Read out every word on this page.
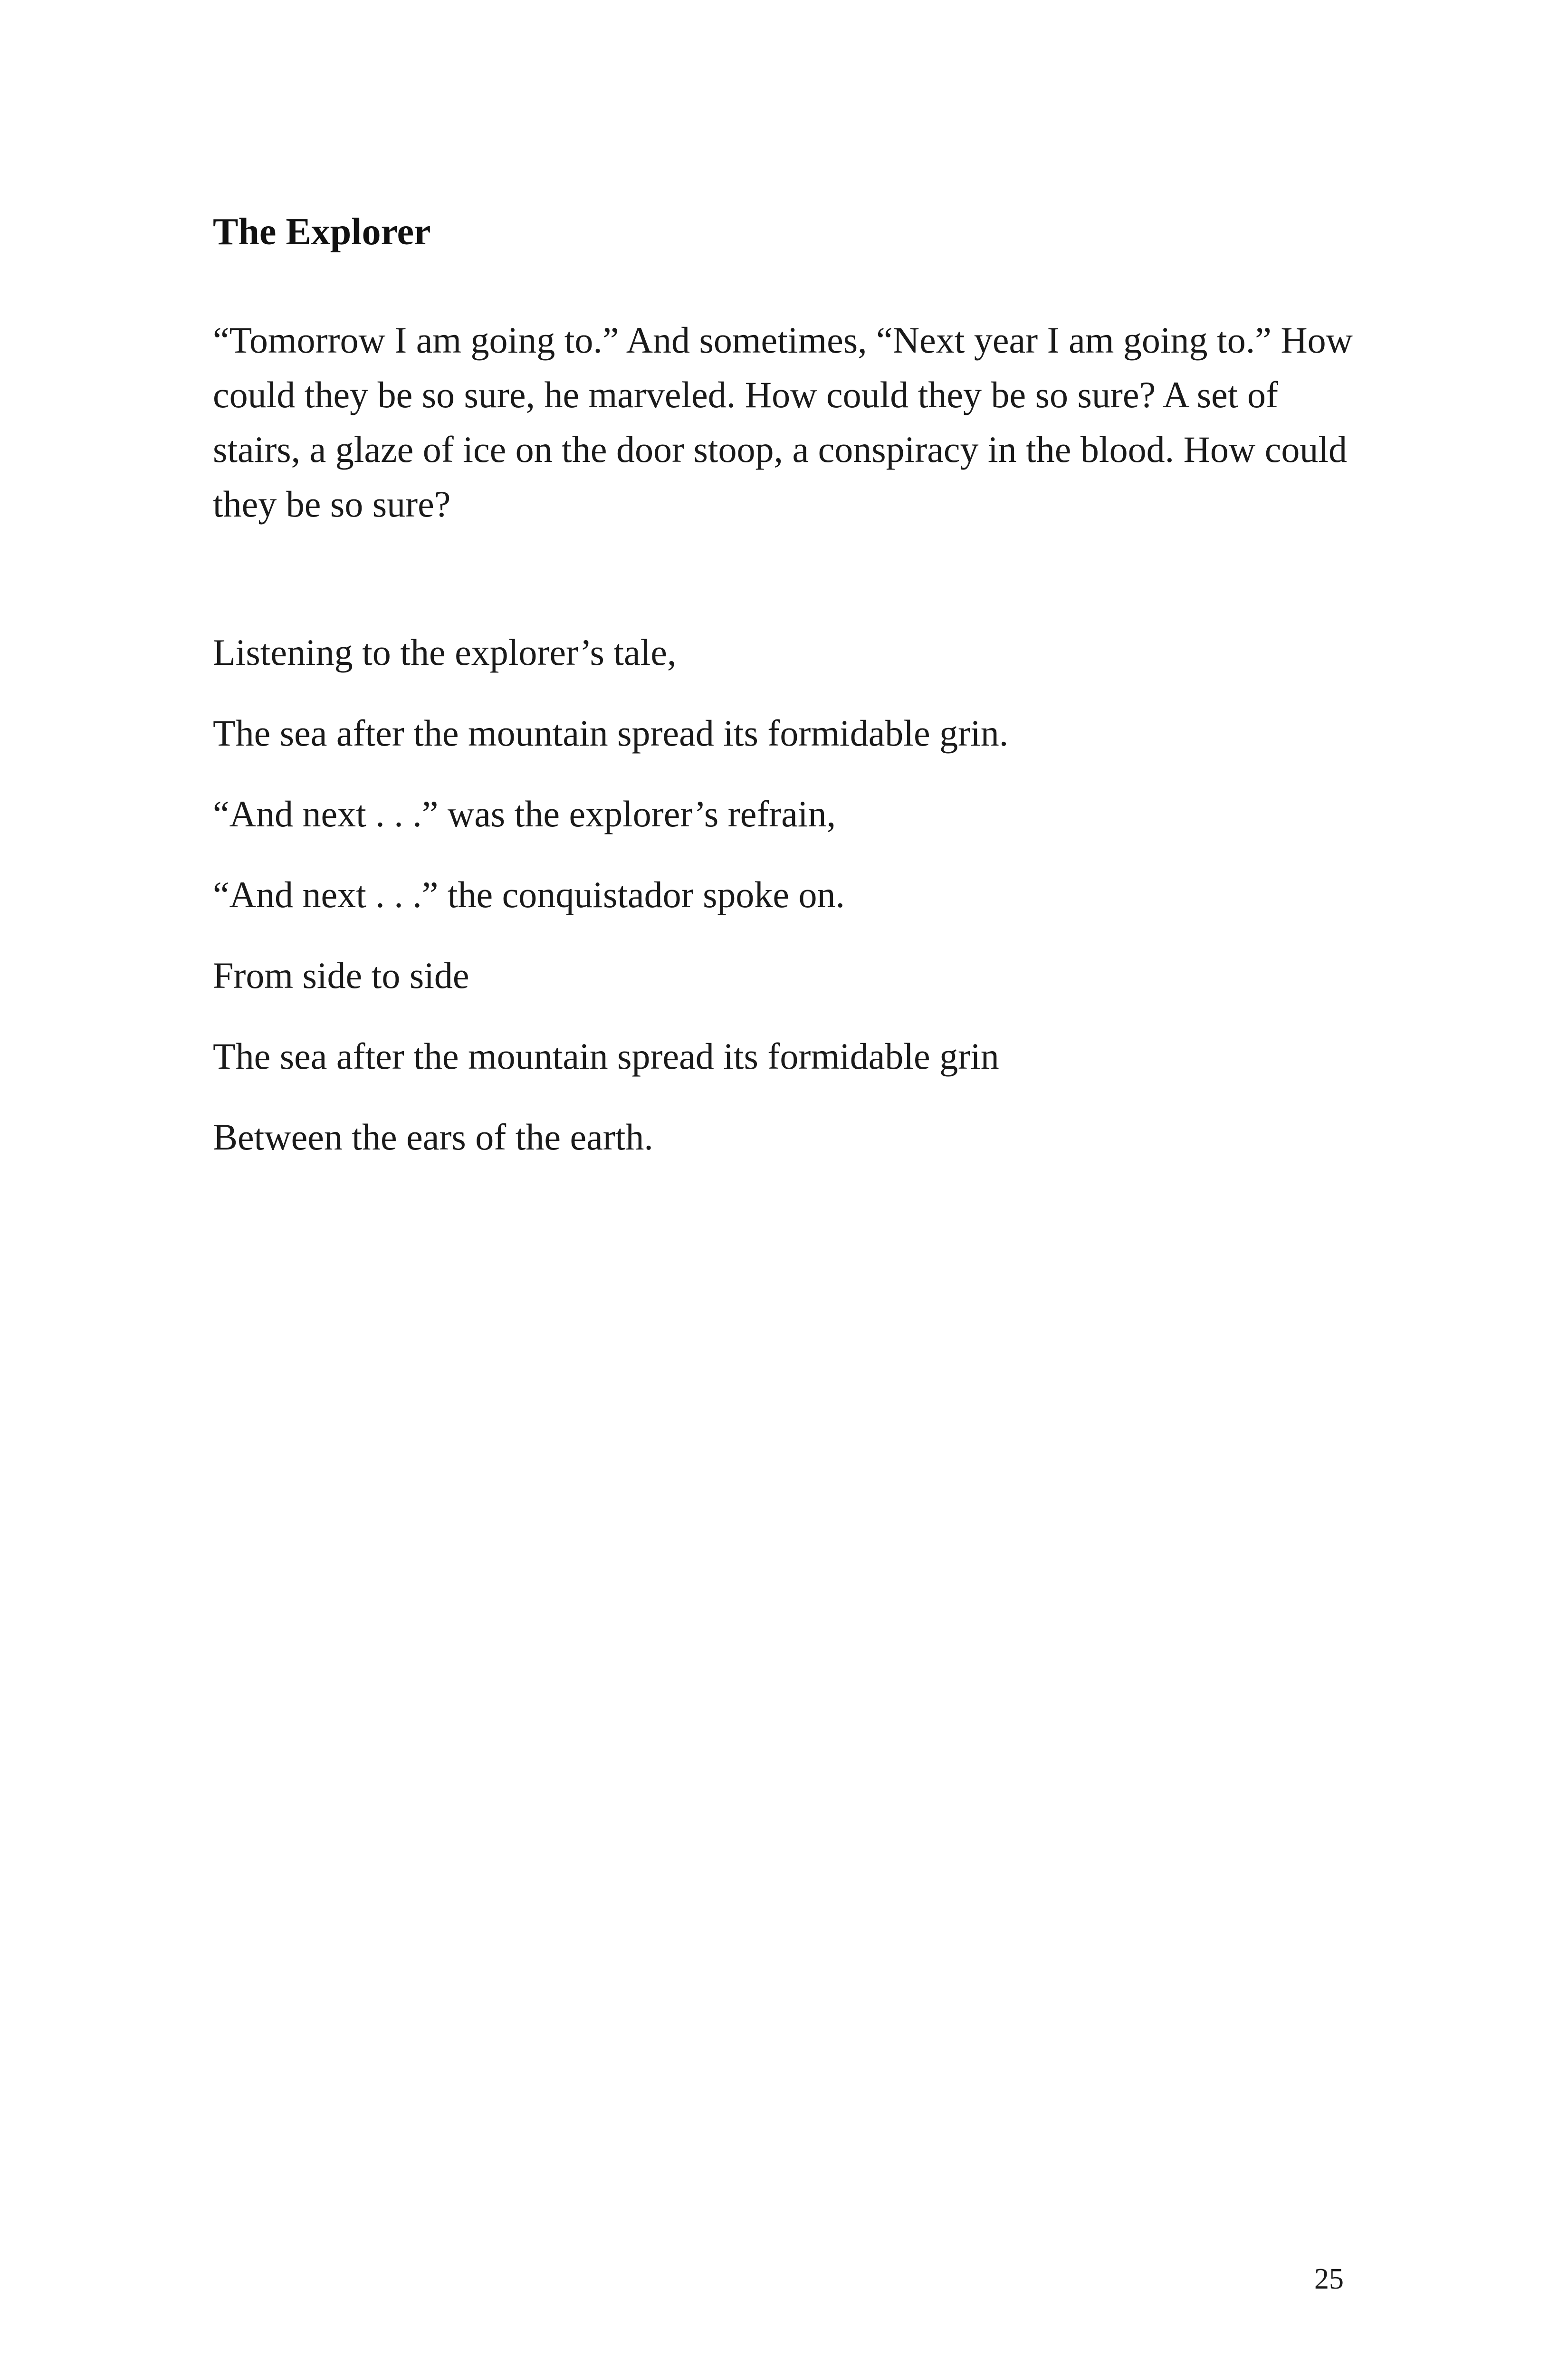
The Explorer

“Tomorrow I am going to.” And sometimes, “Next year I am going to.” How could they be so sure, he marveled. How could they be so sure? A set of stairs, a glaze of ice on the door stoop, a conspiracy in the blood. How could they be so sure?

Listening to the explorer’s tale,
The sea after the mountain spread its formidable grin.
“And next . . .” was the explorer’s refrain,
“And next . . .” the conquistador spoke on.
From side to side
The sea after the mountain spread its formidable grin
Between the ears of the earth.

25
